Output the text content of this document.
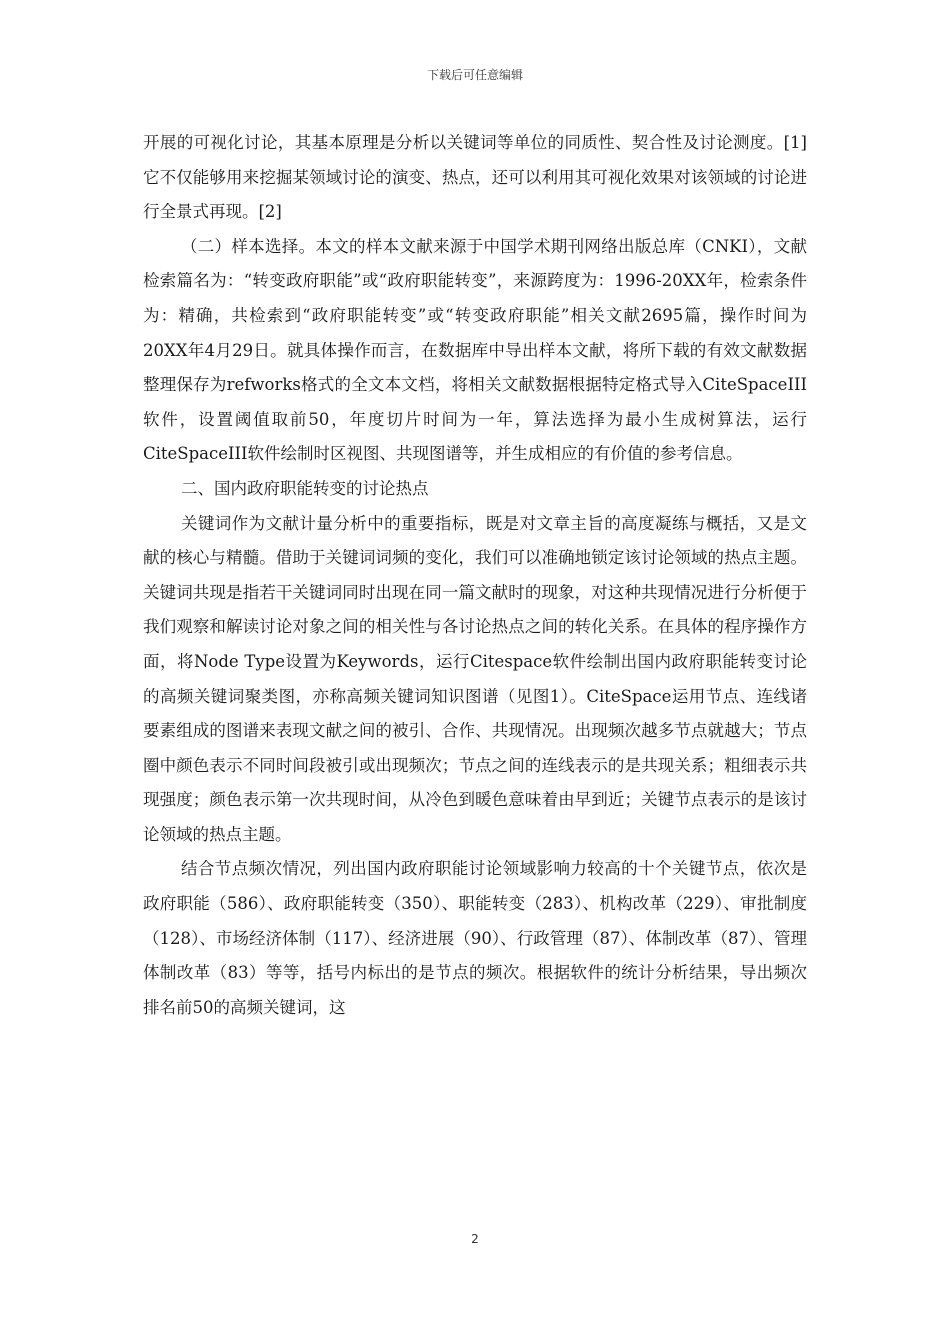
下载后可任意编辑

开展的可视化讨论，其基本原理是分析以关键词等单位的同质性、契合性及讨论测度。[1]它不仅能够用来挖掘某领域讨论的演变、热点，还可以利用其可视化效果对该领域的讨论进行全景式再现。[2]

（二）样本选择。本文的样本文献来源于中国学术期刊网络出版总库（CNKI），文献检索篇名为：“转变政府职能”或“政府职能转变”，来源跨度为：1996-20XX年，检索条件为：精确，共检索到“政府职能转变”或“转变政府职能”相关文献2695篇，操作时间为20XX年4月29日。就具体操作而言，在数据库中导出样本文献，将所下载的有效文献数据整理保存为refworks格式的全文本文档，将相关文献数据根据特定格式导入CiteSpaceIII软件，设置阈值取前50，年度切片时间为一年，算法选择为最小生成树算法，运行CiteSpaceIII软件绘制时区视图、共现图谱等，并生成相应的有价值的参考信息。

二、国内政府职能转变的讨论热点

关键词作为文献计量分析中的重要指标，既是对文章主旨的高度凝练与概括，又是文献的核心与精髓。借助于关键词词频的变化，我们可以准确地锁定该讨论领域的热点主题。关键词共现是指若干关键词同时出现在同一篇文献时的现象，对这种共现情况进行分析便于我们观察和解读讨论对象之间的相关性与各讨论热点之间的转化关系。在具体的程序操作方面，将Node Type设置为Keywords，运行Citespace软件绘制出国内政府职能转变讨论的高频关键词聚类图，亦称高频关键词知识图谱（见图1）。CiteSpace运用节点、连线诸要素组成的图谱来表现文献之间的被引、合作、共现情况。出现频次越多节点就越大；节点圈中颜色表示不同时间段被引或出现频次；节点之间的连线表示的是共现关系；粗细表示共现强度；颜色表示第一次共现时间，从冷色到暖色意味着由早到近；关键节点表示的是该讨论领域的热点主题。

结合节点频次情况，列出国内政府职能讨论领域影响力较高的十个关键节点，依次是政府职能（586）、政府职能转变（350）、职能转变（283）、机构改革（229）、审批制度（128）、市场经济体制（117）、经济进展（90）、行政管理（87）、体制改革（87）、管理体制改革（83）等等，括号内标出的是节点的频次。根据软件的统计分析结果，导出频次排名前50的高频关键词，这

2
